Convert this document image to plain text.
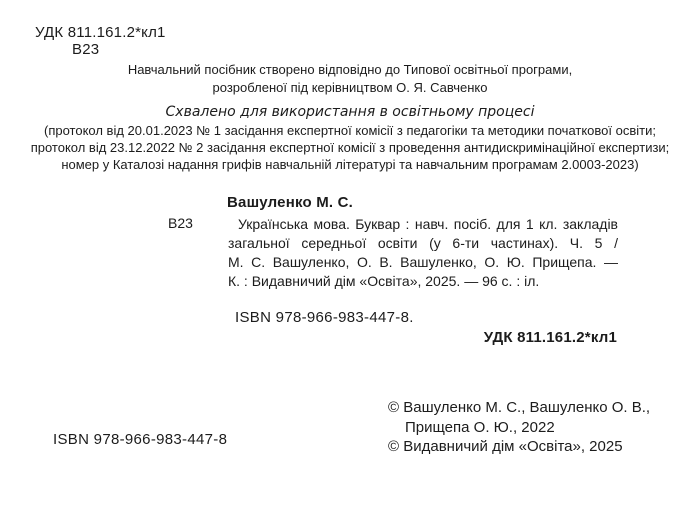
УДК 811.161.2*кл1
В23
Навчальний посібник створено відповідно до Типової освітньої програми,
розробленої під керівництвом О. Я. Савченко
Схвалено для використання в освітньому процесі
(протокол від 20.01.2023 № 1 засідання експертної комісії з педагогіки та методики початкової освіти;
протокол від 23.12.2022 № 2 засідання експертної комісії з проведення антидискримінаційної експертизи;
номер у Каталозі надання грифів навчальній літературі та навчальним програмам 2.0003-2023)
Вашуленко М. С.
В23	Українська мова. Буквар : навч. посіб. для 1 кл. закладів
загальної середньої освіти (у 6-ти частинах). Ч. 5 /
М. С. Вашуленко, О. В. Вашуленко, О. Ю. Прищепа. —
К. : Видавничий дім «Освіта», 2025. — 96 с. : іл.
ISBN 978-966-983-447-8.
УДК 811.161.2*кл1
ISBN 978-966-983-447-8
© Вашуленко М. С., Вашуленко О. В.,
Прищепа О. Ю., 2022
© Видавничий дім «Освіта», 2025
